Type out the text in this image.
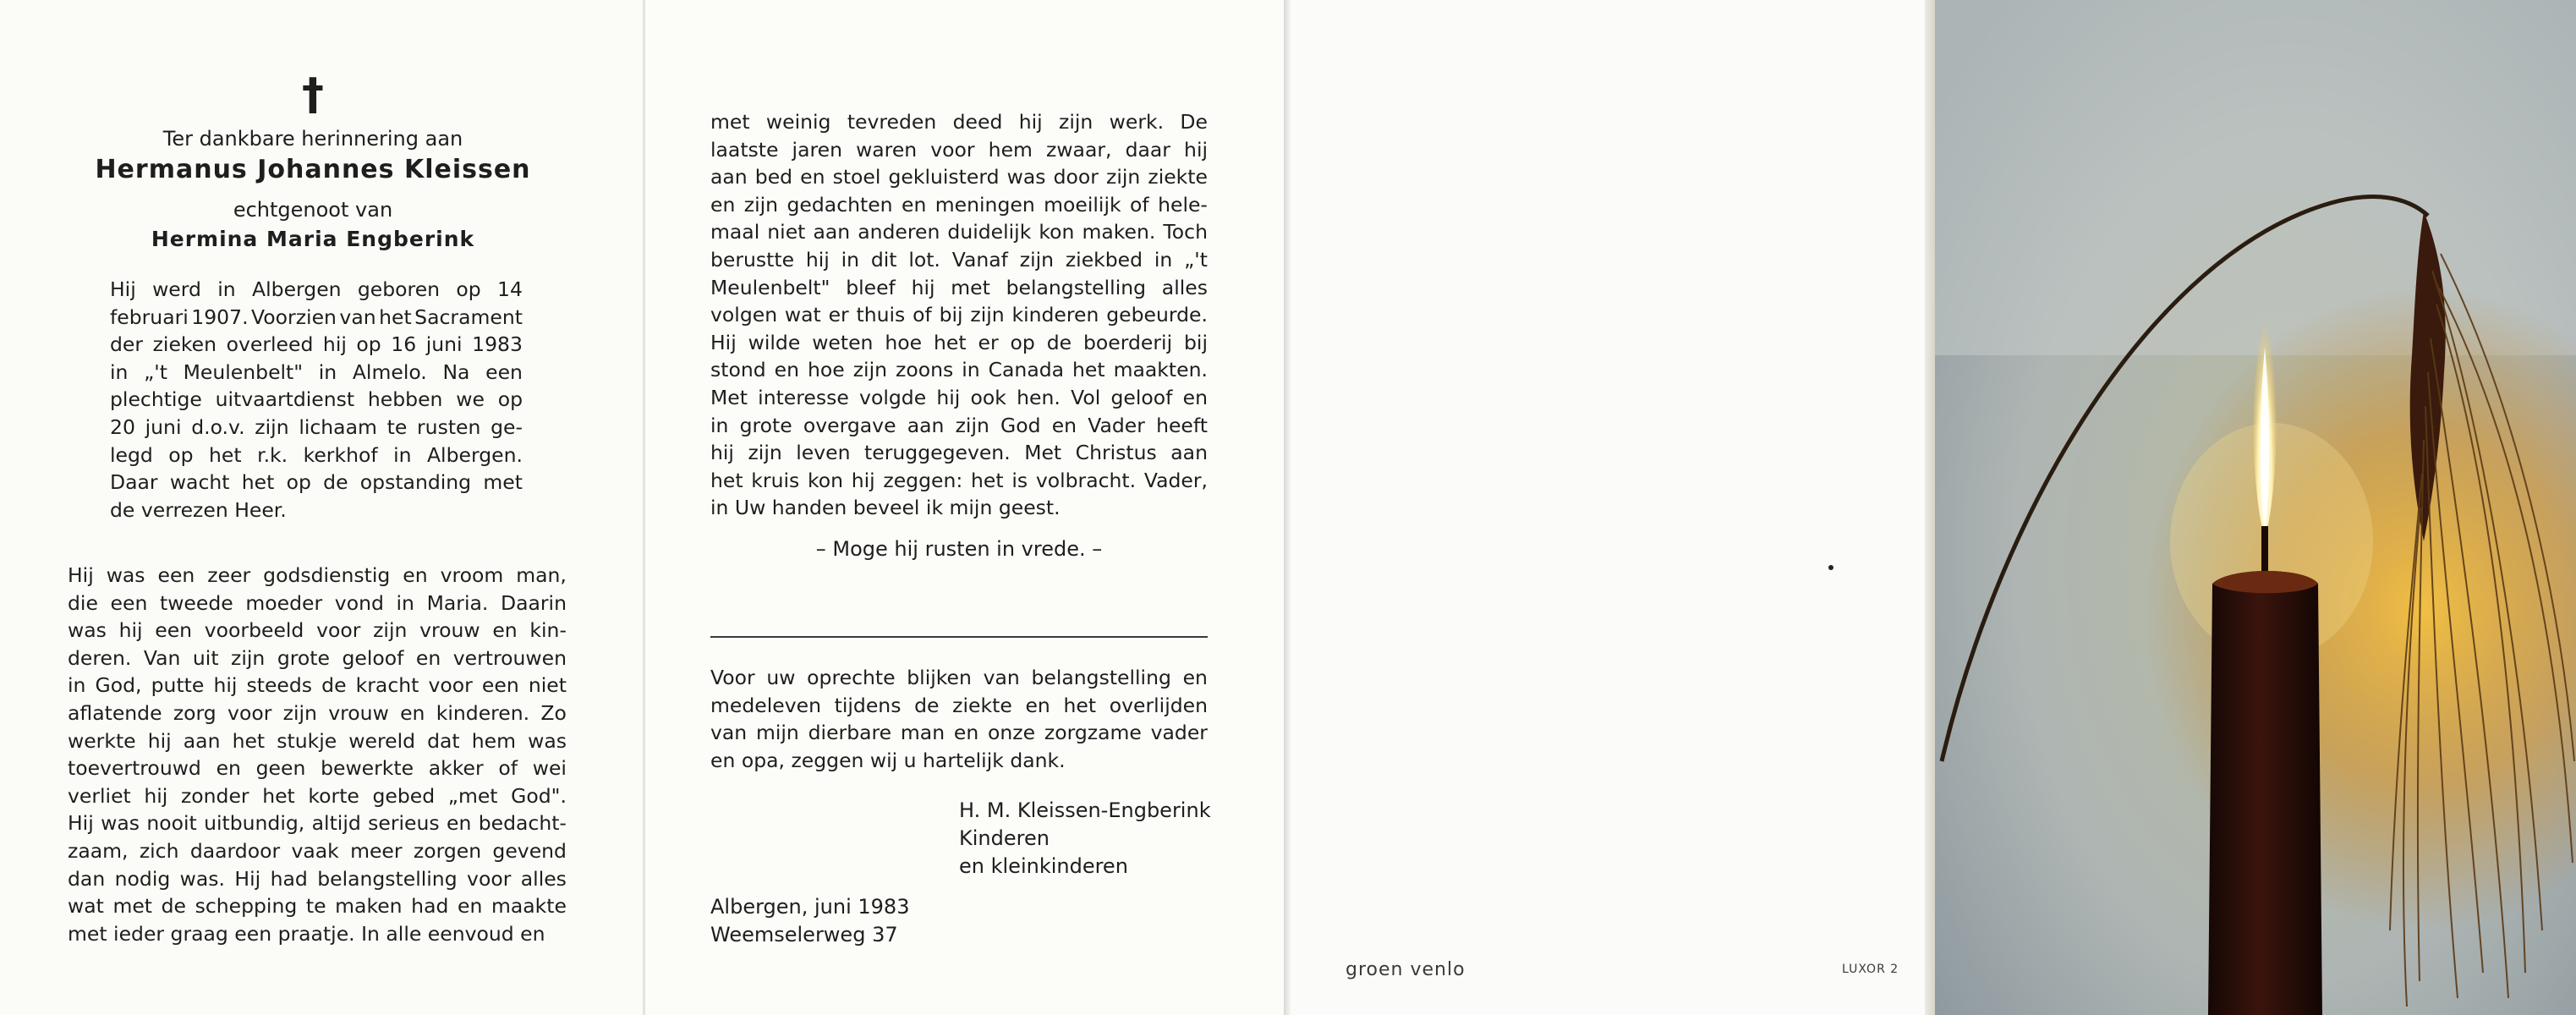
†
Ter dankbare herinnering aan
Hermanus Johannes Kleissen
echtgenoot van
Hermina Maria Engberink
Hij werd in Albergen geboren op 14
februari 1907. Voorzien van het Sacrament
der zieken overleed hij op 16 juni 1983
in „'t Meulenbelt" in Almelo. Na een
plechtige uitvaartdienst hebben we op
20 juni d.o.v. zijn lichaam te rusten ge-
legd op het r.k. kerkhof in Albergen.
Daar wacht het op de opstanding met
de verrezen Heer.
Hij was een zeer godsdienstig en vroom man,
die een tweede moeder vond in Maria. Daarin
was hij een voorbeeld voor zijn vrouw en kin-
deren. Van uit zijn grote geloof en vertrouwen
in God, putte hij steeds de kracht voor een niet
aflatende zorg voor zijn vrouw en kinderen. Zo
werkte hij aan het stukje wereld dat hem was
toevertrouwd en geen bewerkte akker of wei
verliet hij zonder het korte gebed „met God".
Hij was nooit uitbundig, altijd serieus en bedacht-
zaam, zich daardoor vaak meer zorgen gevend
dan nodig was. Hij had belangstelling voor alles
wat met de schepping te maken had en maakte
met ieder graag een praatje. In alle eenvoud en
met weinig tevreden deed hij zijn werk. De
laatste jaren waren voor hem zwaar, daar hij
aan bed en stoel gekluisterd was door zijn ziekte
en zijn gedachten en meningen moeilijk of hele-
maal niet aan anderen duidelijk kon maken. Toch
berustte hij in dit lot. Vanaf zijn ziekbed in „'t
Meulenbelt" bleef hij met belangstelling alles
volgen wat er thuis of bij zijn kinderen gebeurde.
Hij wilde weten hoe het er op de boerderij bij
stond en hoe zijn zoons in Canada het maakten.
Met interesse volgde hij ook hen. Vol geloof en
in grote overgave aan zijn God en Vader heeft
hij zijn leven teruggegeven. Met Christus aan
het kruis kon hij zeggen: het is volbracht. Vader,
in Uw handen beveel ik mijn geest.
– Moge hij rusten in vrede. –
Voor uw oprechte blijken van belangstelling en
medeleven tijdens de ziekte en het overlijden
van mijn dierbare man en onze zorgzame vader
en opa, zeggen wij u hartelijk dank.
H. M. Kleissen-Engberink
Kinderen
en kleinkinderen
Albergen, juni 1983
Weemselerweg 37
groen venlo	LUXOR 2
